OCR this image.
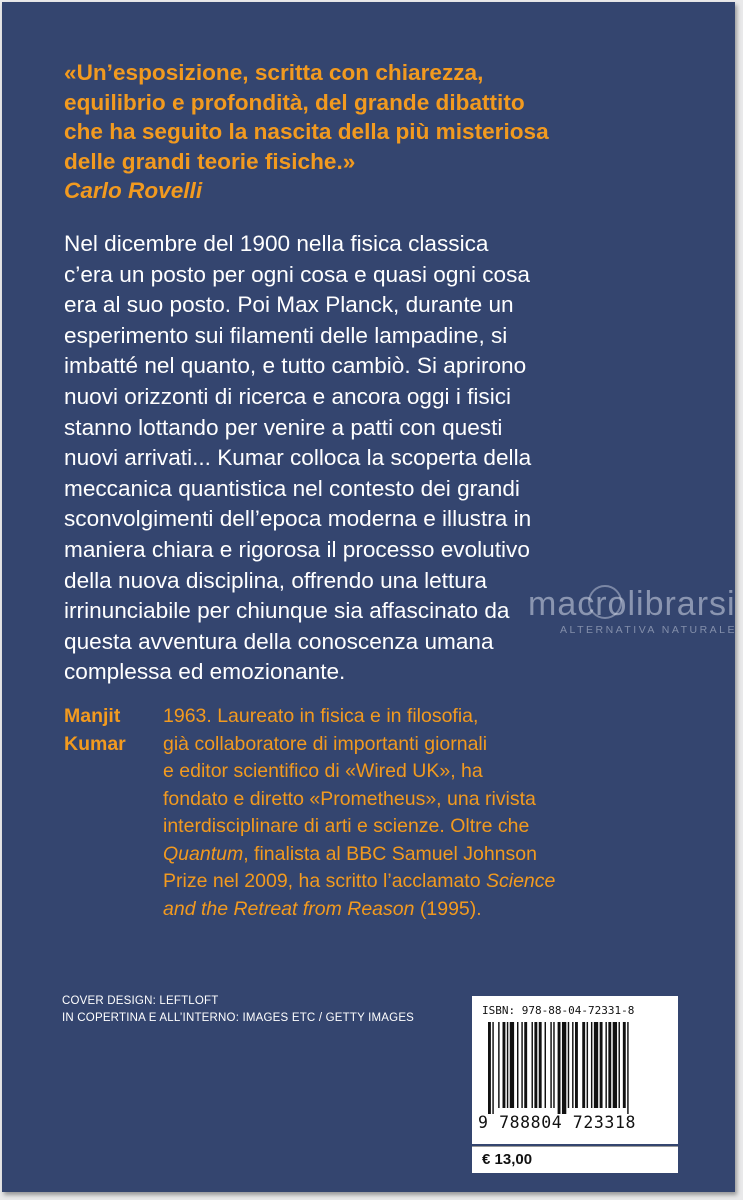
«Un’esposizione, scritta con chiarezza,
equilibrio e profondità, del grande dibattito
che ha seguito la nascita della più misteriosa
delle grandi teorie fisiche.»
Carlo Rovelli
Nel dicembre del 1900 nella fisica classica
c’era un posto per ogni cosa e quasi ogni cosa
era al suo posto. Poi Max Planck, durante un
esperimento sui filamenti delle lampadine, si
imbatté nel quanto, e tutto cambiò. Si aprirono
nuovi orizzonti di ricerca e ancora oggi i fisici
stanno lottando per venire a patti con questi
nuovi arrivati... Kumar colloca la scoperta della
meccanica quantistica nel contesto dei grandi
sconvolgimenti dell’epoca moderna e illustra in
maniera chiara e rigorosa il processo evolutivo
della nuova disciplina, offrendo una lettura
irrinunciabile per chiunque sia affascinato da
questa avventura della conoscenza umana
complessa ed emozionante.
macrolibrarsi
ALTERNATIVA NATURALE
Manjit
Kumar
1963. Laureato in fisica e in filosofia,
già collaboratore di importanti giornali
e editor scientifico di «Wired UK», ha
fondato e diretto «Prometheus», una rivista
interdisciplinare di arti e scienze. Oltre che
Quantum, finalista al BBC Samuel Johnson
Prize nel 2009, ha scritto l’acclamato Science
and the Retreat from Reason (1995).
COVER DESIGN: LEFTLOFT
IN COPERTINA E ALL’INTERNO: IMAGES ETC / GETTY IMAGES
ISBN: 978-88-04-72331-8
9 788804 723318
€ 13,00
